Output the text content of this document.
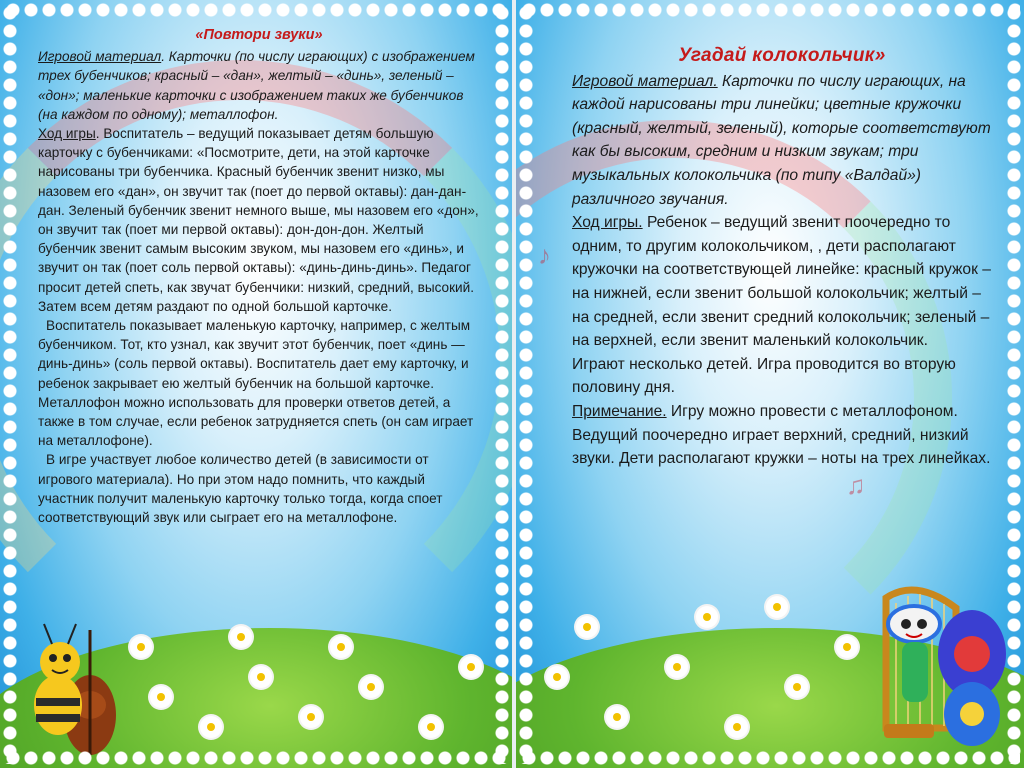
«Повтори звуки»

Игровой материал. Карточки (по числу играющих) с изображением трех бубенчиков; красный – «дан», желтый – «динь», зеленый – «дон»; маленькие карточки с изображением таких же бубенчиков (на каждом по одному); металлофон.

Ход игры. Воспитатель – ведущий показывает детям большую карточку с бубенчиками: «Посмотрите, дети, на этой карточке нарисованы три бубенчика. Красный бубенчик звенит низко, мы назовем его «дан», он звучит так (поет до первой октавы): дан-дан-дан. Зеленый бубенчик звенит немного выше, мы назовем его «дон», он звучит так (поет ми первой октавы): дон-дон-дон. Желтый бубенчик звенит самым высоким звуком, мы назовем его «динь», и звучит он так (поет соль первой октавы): «динь-динь-динь». Педагог просит детей спеть, как звучат бубенчики: низкий, средний, высокий. Затем всем детям раздают по одной большой карточке.

Воспитатель показывает маленькую карточку, например, с желтым бубенчиком. Тот, кто узнал, как звучит этот бубенчик, поет «динь — динь-динь» (соль первой октавы). Воспитатель дает ему карточку, и ребенок закрывает ею желтый бубенчик на большой карточке.

Металлофон можно использовать для проверки ответов детей, а также в том случае, если ребенок затрудняется спеть (он сам играет на металлофоне).

В игре участвует любое количество детей (в зависимости от игрового материала). Но при этом надо помнить, что каждый участник получит маленькую карточку только тогда, когда споет соответствующий звук или сыграет его на металлофоне.

♪
♫
Угадай колокольчик»

Игровой материал. Карточки по числу играющих, на каждой нарисованы три линейки; цветные кружочки (красный, желтый, зеленый), которые соответствуют как бы высоким, средним и низким звукам; три музыкальных колокольчика (по типу «Валдай») различного звучания.

Ход игры. Ребенок – ведущий звенит поочередно то одним, то другим колокольчиком, , дети располагают кружочки на соответствующей линейке: красный кружок – на нижней, если звенит большой колокольчик; желтый – на средней, если звенит средний колокольчик; зеленый – на верхней, если звенит маленький колокольчик.

Играют несколько детей. Игра проводится во вторую половину дня.

Примечание. Игру можно провести с металлофоном. Ведущий поочередно играет верхний, средний, низкий звуки. Дети располагают кружки – ноты на трех линейках.
